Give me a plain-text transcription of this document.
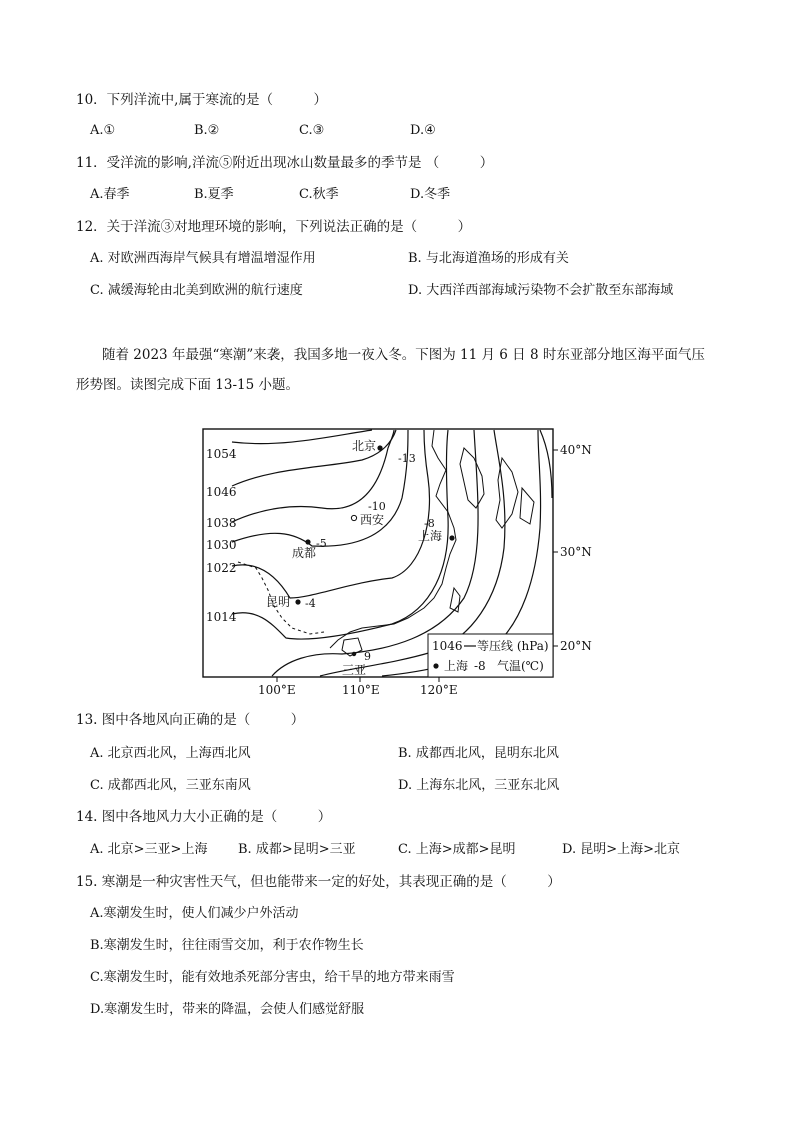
10．下列洋流中,属于寒流的是（　　　）
A.①	B.②	C.③	D.④
11．受洋流的影响,洋流⑤附近出现冰山数量最多的季节是 （　　　）
A.春季	B.夏季	C.秋季	D.冬季
12．关于洋流③对地理环境的影响，下列说法正确的是（　　　）
A. 对欧洲西海岸气候具有增温增湿作用	B. 与北海道渔场的形成有关
C. 减缓海轮由北美到欧洲的航行速度	D. 大西洋西部海域污染物不会扩散至东部海域
随着 2023 年最强“寒潮”来袭，我国多地一夜入冬。下图为 11 月 6 日 8 时东亚部分地区海平面气压形势图。读图完成下面 13-15 小题。
1054
1046
1038
1030
1022
1014
北京
-13
西安
-10
上海
-8
成都
-5
昆明 -4
三亚
9
1046 等压线 (hPa)
上海 -8 气温(℃)
40°N
30°N
20°N
100°E	110°E	120°E
13. 图中各地风向正确的是（　　　）
A. 北京西北风，上海西北风	B. 成都西北风，昆明东北风
C. 成都西北风，三亚东南风	D. 上海东北风，三亚东北风
14. 图中各地风力大小正确的是（　　　）
A. 北京>三亚>上海 B. 成都>昆明>三亚	C. 上海>成都>昆明	D. 昆明>上海>北京
15. 寒潮是一种灾害性天气，但也能带来一定的好处，其表现正确的是（　　　）
A.寒潮发生时，使人们减少户外活动
B.寒潮发生时，往往雨雪交加，利于农作物生长
C.寒潮发生时，能有效地杀死部分害虫，给干旱的地方带来雨雪
D.寒潮发生时，带来的降温，会使人们感觉舒服
